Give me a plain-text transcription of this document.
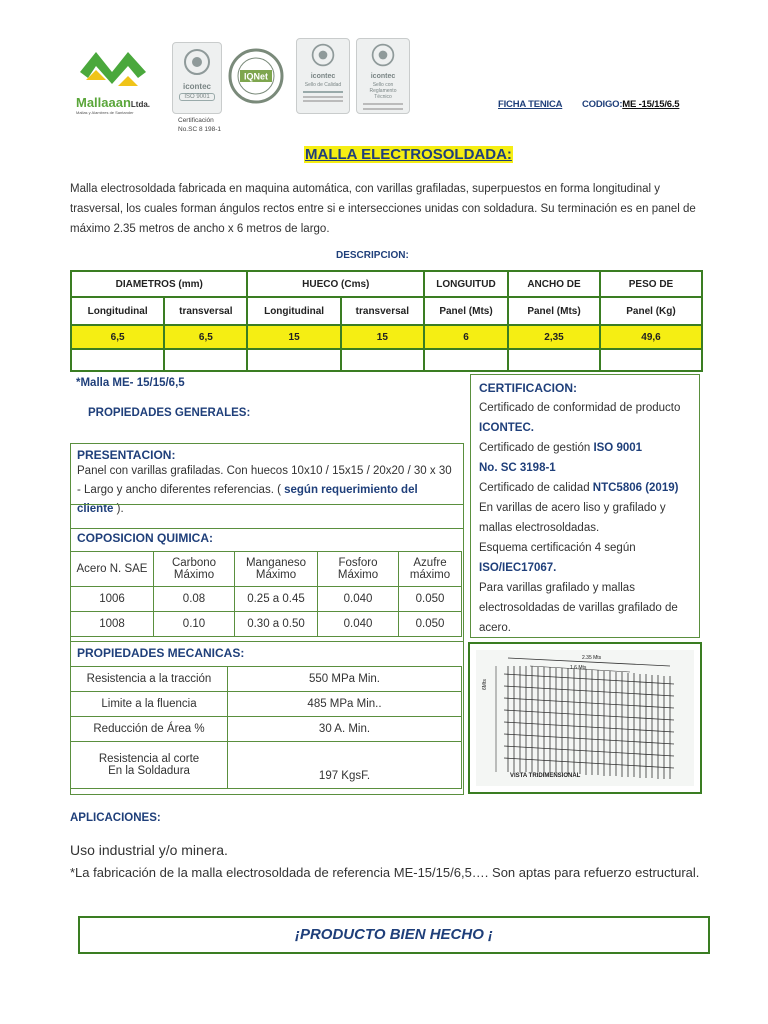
MallaaanLtda.
Mallas y Alambres de Santander
icontec
ISO 9001
IQNet	icontec
Sello de Calidad
icontec
Sello con Reglamento Técnico
Certificación
No.SC 8 198-1
FICHA TENICA CODIGO:ME -15/15/6.5
MALLA ELECTROSOLDADA:
Malla electrosoldada fabricada en maquina automática, con varillas grafiladas, superpuestos en forma longitudinal y trasversal, los cuales forman ángulos rectos entre si e intersecciones unidas con soldadura. Su terminación es en panel de máximo 2.35 metros de ancho x 6 metros de largo.
DESCRIPCION:
DIAMETROS (mm)		HUECO (Cms)		LONGUITUD	ANCHO DE	PESO DE
Longitudinal	transversal	Longitudinal	transversal	Panel (Mts)	Panel (Mts)	Panel (Kg)
6,5	6,5	15	15	6	2,35	49,6

*Malla ME- 15/15/6,5
PROPIEDADES GENERALES:
PRESENTACION:
Panel con varillas grafiladas. Con huecos 10x10 / 15x15 / 20x20 / 30 x 30 - Largo y ancho diferentes referencias. ( según requerimiento del cliente ).
COPOSICION QUIMICA:
Acero N. SAE	Carbono Máximo	Manganeso Máximo	Fosforo Máximo	Azufre máximo
1006	0.08	0.25 a 0.45	0.040	0.050
1008	0.10	0.30 a 0.50	0.040	0.050
PROPIEDADES MECANICAS:
Resistencia a la tracción	550 MPa Min.
Limite a la fluencia	485 MPa Min..
Reducción de Área %	30 A. Min.
Resistencia al corte
En la Soldadura	197 KgsF.
CERTIFICACION:
Certificado de conformidad de producto
ICONTEC.
Certificado de gestión ISO 9001
No. SC 3198-1
Certificado de calidad NTC5806 (2019)
En varillas de acero liso y grafilado y mallas electrosoldadas.
Esquema certificación 4 según
ISO/IEC17067.
Para varillas grafilado y mallas electrosoldadas de varillas grafilado de acero.
2.35 Mts
1.6 Mts
6Mts
VISTA TRIDIMENSIONAL
APLICACIONES:
Uso industrial y/o minera.
*La fabricación de la malla electrosoldada de referencia ME-15/15/6,5…. Son aptas para refuerzo estructural.
¡PRODUCTO BIEN HECHO ¡
